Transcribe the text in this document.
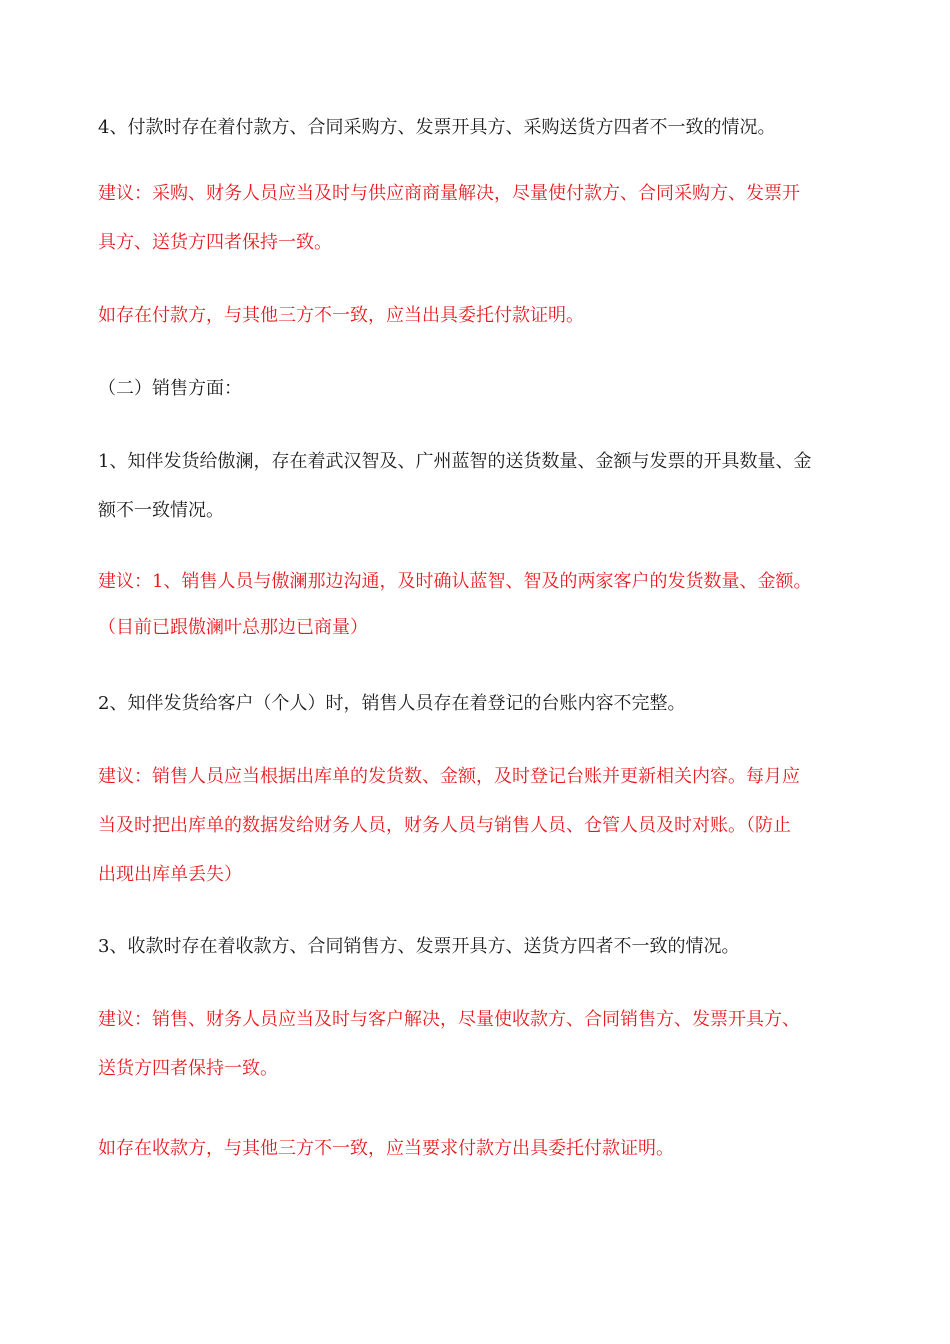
4、付款时存在着付款方、合同采购方、发票开具方、采购送货方四者不一致的情况。
建议：采购、财务人员应当及时与供应商商量解决，尽量使付款方、合同采购方、发票开
具方、送货方四者保持一致。
如存在付款方，与其他三方不一致，应当出具委托付款证明。
（二）销售方面：
1、知伴发货给傲澜，存在着武汉智及、广州蓝智的送货数量、金额与发票的开具数量、金
额不一致情况。
建议：1、销售人员与傲澜那边沟通，及时确认蓝智、智及的两家客户的发货数量、金额。
（目前已跟傲澜叶总那边已商量）
2、知伴发货给客户（个人）时，销售人员存在着登记的台账内容不完整。
建议：销售人员应当根据出库单的发货数、金额，及时登记台账并更新相关内容。每月应
当及时把出库单的数据发给财务人员，财务人员与销售人员、仓管人员及时对账。（防止
出现出库单丢失）
3、收款时存在着收款方、合同销售方、发票开具方、送货方四者不一致的情况。
建议：销售、财务人员应当及时与客户解决，尽量使收款方、合同销售方、发票开具方、
送货方四者保持一致。
如存在收款方，与其他三方不一致，应当要求付款方出具委托付款证明。
